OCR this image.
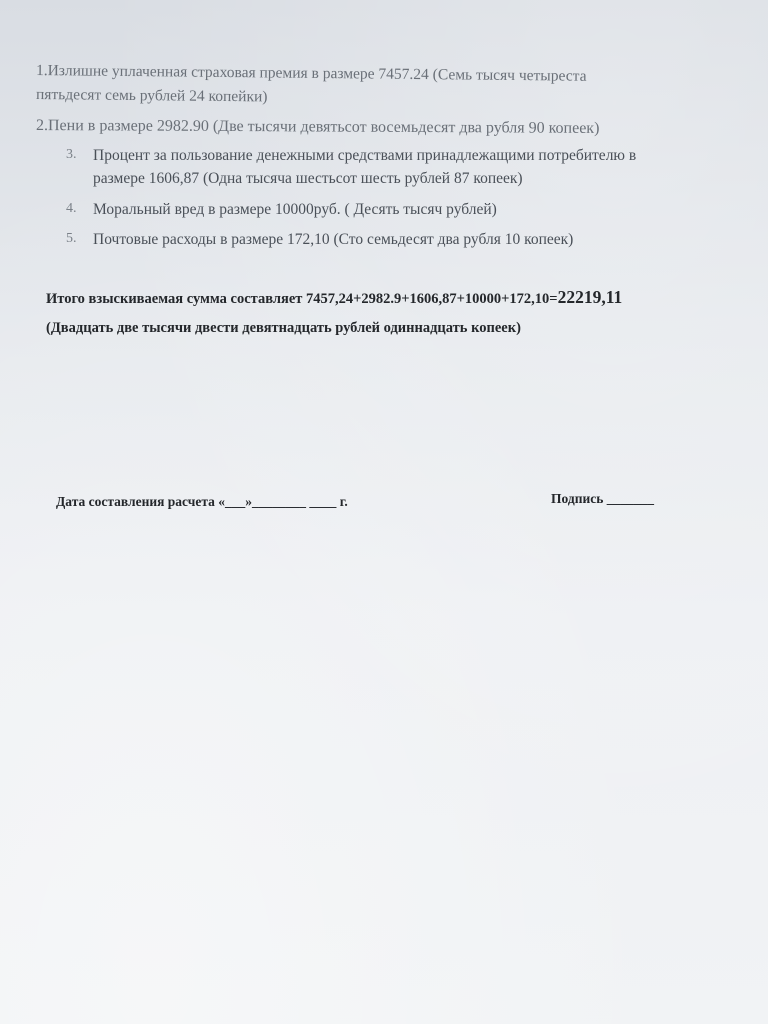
1.Излишне уплаченная страховая премия в размере 7457.24 (Семь тысяч четыреста
пятьдесят семь рублей 24 копейки)
2.Пени в размере 2982.90 (Две тысячи девятьсот восемьдесят два рубля 90 копеек)
3. Процент за пользование денежными средствами принадлежащими потребителю в
размере 1606,87 (Одна тысяча шестьсот шесть рублей 87 копеек)
4. Моральный вред в размере 10000руб. ( Десять тысяч рублей)
5. Почтовые расходы в размере 172,10 (Сто семьдесят два рубля 10 копеек)
Итого взыскиваемая сумма составляет 7457,24+2982.9+1606,87+10000+172,10=22219,11
(Двадцать две тысячи двести девятнадцать рублей одиннадцать копеек)
Дата составления расчета «___»________ ____ г.	Подпись _______
